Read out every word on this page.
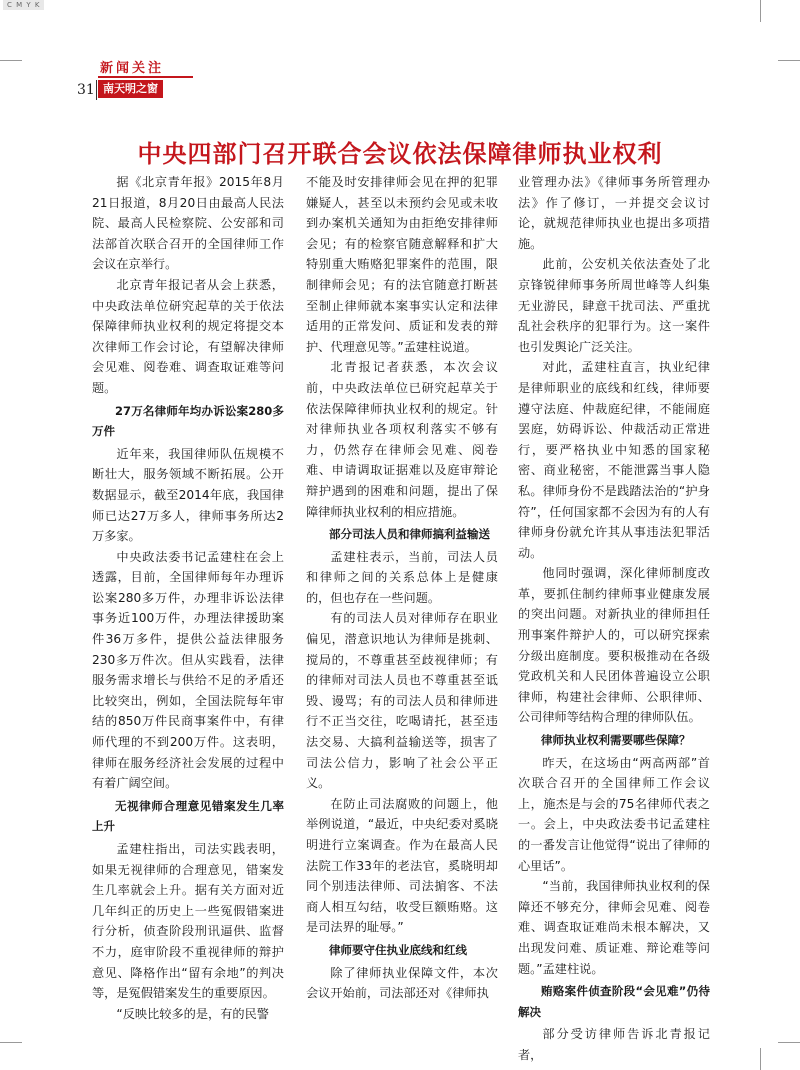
C M Y K
新闻关注
31 南天明之窗
中央四部门召开联合会议依法保障律师执业权利

据《北京青年报》2015年8月21日报道，8月20日由最高人民法院、最高人民检察院、公安部和司法部首次联合召开的全国律师工作会议在京举行。

北京青年报记者从会上获悉，中央政法单位研究起草的关于依法保障律师执业权利的规定将提交本次律师工作会讨论，有望解决律师会见难、阅卷难、调查取证难等问题。

27万名律师年均办诉讼案280多万件

近年来，我国律师队伍规模不断壮大，服务领域不断拓展。公开数据显示，截至2014年底，我国律师已达27万多人，律师事务所达2万多家。

中央政法委书记孟建柱在会上透露，目前，全国律师每年办理诉讼案280多万件，办理非诉讼法律事务近100万件，办理法律援助案件36万多件，提供公益法律服务230多万件次。但从实践看，法律服务需求增长与供给不足的矛盾还比较突出，例如，全国法院每年审结的850万件民商事案件中，有律师代理的不到200万件。这表明，律师在服务经济社会发展的过程中有着广阔空间。

无视律师合理意见错案发生几率上升

孟建柱指出，司法实践表明，如果无视律师的合理意见，错案发生几率就会上升。据有关方面对近几年纠正的历史上一些冤假错案进行分析，侦查阶段刑讯逼供、监督不力，庭审阶段不重视律师的辩护意见、降格作出“留有余地”的判决等，是冤假错案发生的重要原因。

“反映比较多的是，有的民警

不能及时安排律师会见在押的犯罪嫌疑人，甚至以未预约会见或未收到办案机关通知为由拒绝安排律师会见；有的检察官随意解释和扩大特别重大贿赂犯罪案件的范围，限制律师会见；有的法官随意打断甚至制止律师就本案事实认定和法律适用的正常发问、质证和发表的辩护、代理意见等。”孟建柱说道。

北青报记者获悉，本次会议前，中央政法单位已研究起草关于依法保障律师执业权利的规定。针对律师执业各项权利落实不够有力，仍然存在律师会见难、阅卷难、申请调取证据难以及庭审辩论辩护遇到的困难和问题，提出了保障律师执业权利的相应措施。

部分司法人员和律师搞利益输送

孟建柱表示，当前，司法人员和律师之间的关系总体上是健康的，但也存在一些问题。

有的司法人员对律师存在职业偏见，潜意识地认为律师是挑刺、搅局的，不尊重甚至歧视律师；有的律师对司法人员也不尊重甚至诋毁、谩骂；有的司法人员和律师进行不正当交往，吃喝请托，甚至违法交易、大搞利益输送等，损害了司法公信力，影响了社会公平正义。

在防止司法腐败的问题上，他举例说道，“最近，中央纪委对奚晓明进行立案调查。作为在最高人民法院工作33年的老法官，奚晓明却同个别违法律师、司法掮客、不法商人相互勾结，收受巨额贿赂。这是司法界的耻辱。”

律师要守住执业底线和红线

除了律师执业保障文件，本次会议开始前，司法部还对《律师执

业管理办法》《律师事务所管理办法》作了修订，一并提交会议讨论，就规范律师执业也提出多项措施。

此前，公安机关依法查处了北京锋锐律师事务所周世峰等人纠集无业游民，肆意干扰司法、严重扰乱社会秩序的犯罪行为。这一案件也引发舆论广泛关注。

对此，孟建柱直言，执业纪律是律师职业的底线和红线，律师要遵守法庭、仲裁庭纪律，不能闹庭罢庭，妨碍诉讼、仲裁活动正常进行，要严格执业中知悉的国家秘密、商业秘密，不能泄露当事人隐私。律师身份不是践踏法治的“护身符”，任何国家都不会因为有的人有律师身份就允许其从事违法犯罪活动。

他同时强调，深化律师制度改革，要抓住制约律师事业健康发展的突出问题。对新执业的律师担任刑事案件辩护人的，可以研究探索分级出庭制度。要积极推动在各级党政机关和人民团体普遍设立公职律师，构建社会律师、公职律师、公司律师等结构合理的律师队伍。

律师执业权利需要哪些保障？

昨天，在这场由“两高两部”首次联合召开的全国律师工作会议上，施杰是与会的75名律师代表之一。会上，中央政法委书记孟建柱的一番发言让他觉得“说出了律师的心里话”。

“当前，我国律师执业权利的保障还不够充分，律师会见难、阅卷难、调查取证难尚未根本解决，又出现发问难、质证难、辩论难等问题。”孟建柱说。

贿赂案件侦查阶段“会见难”仍待解决

部分受访律师告诉北青报记者，
